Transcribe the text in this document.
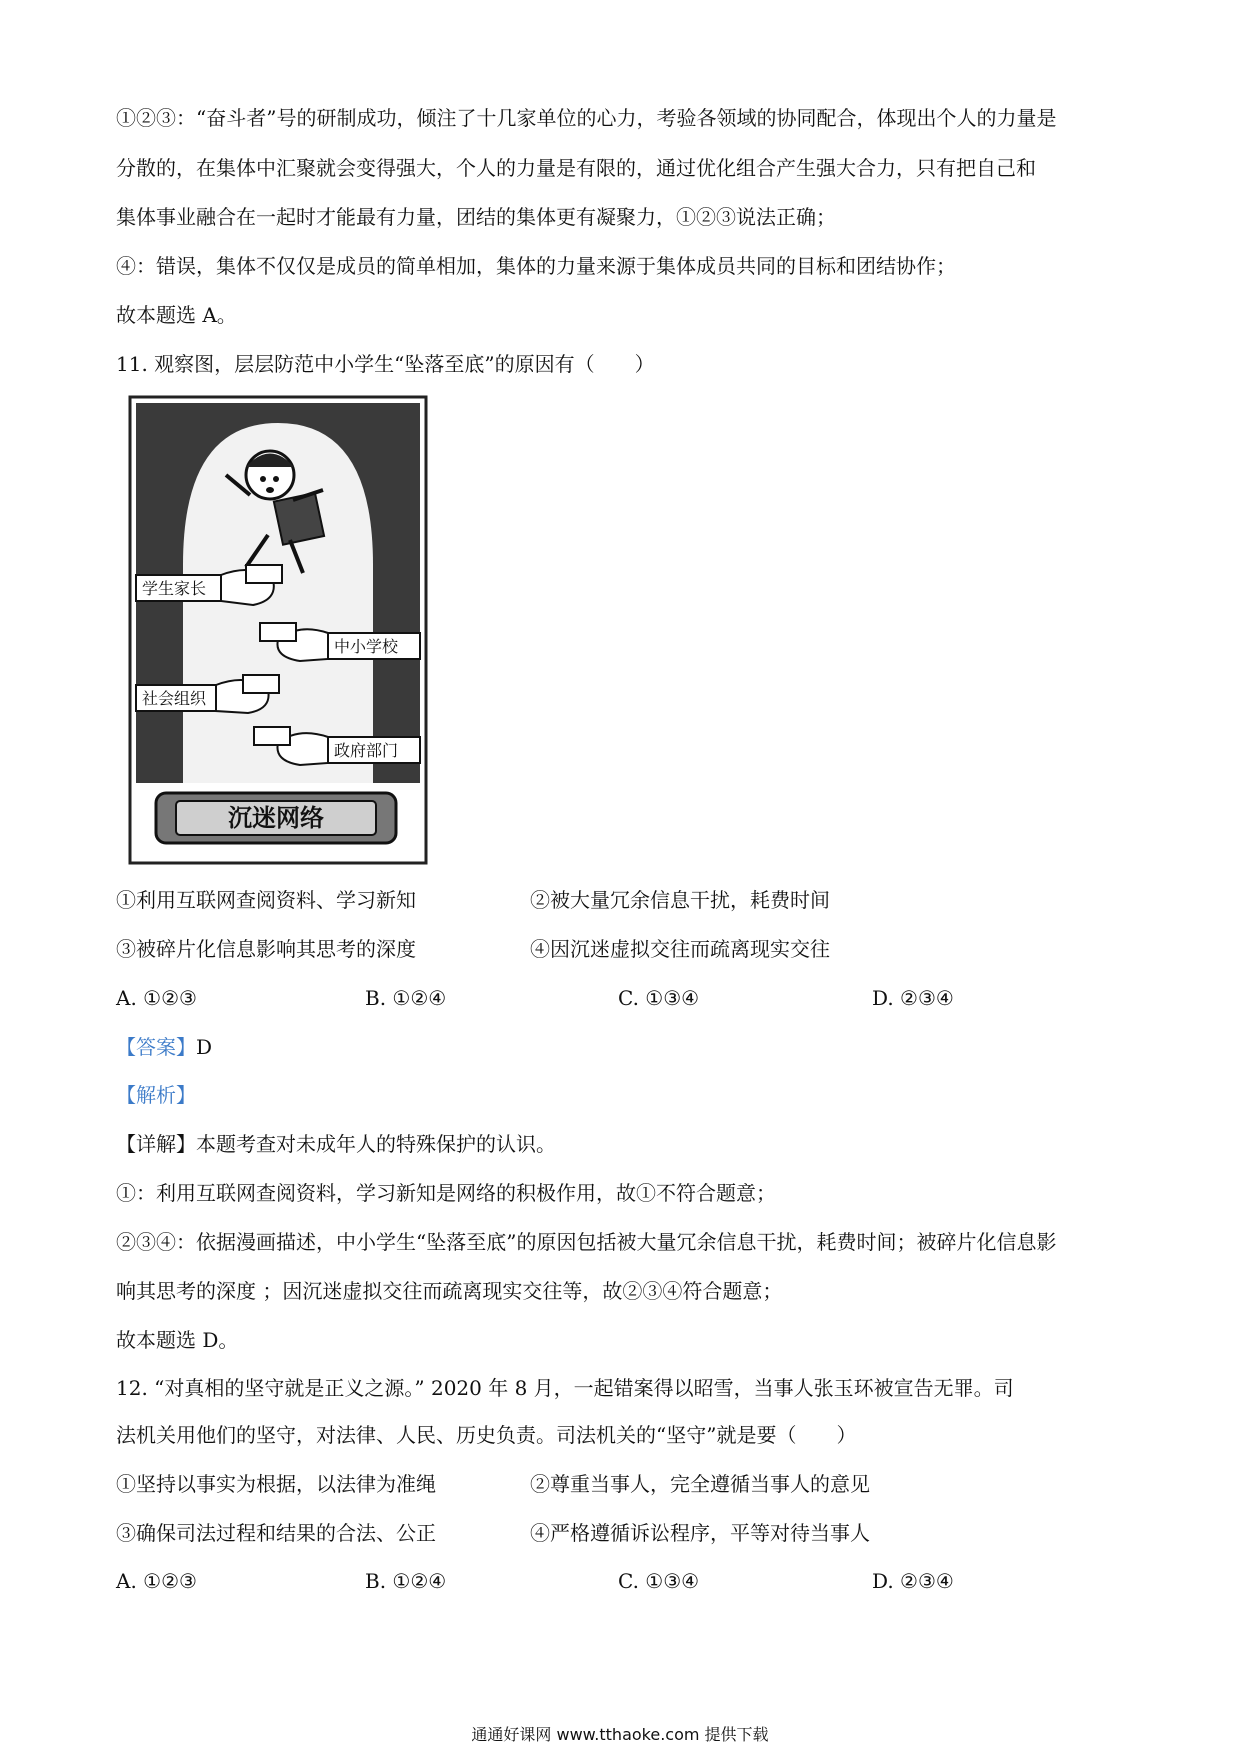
①②③：“奋斗者”号的研制成功，倾注了十几家单位的心力，考验各领域的协同配合，体现出个人的力量是
分散的，在集体中汇聚就会变得强大，个人的力量是有限的，通过优化组合产生强大合力，只有把自己和
集体事业融合在一起时才能最有力量，团结的集体更有凝聚力，①②③说法正确；
④：错误，集体不仅仅是成员的简单相加，集体的力量来源于集体成员共同的目标和团结协作；
故本题选 A。
11. 观察图，层层防范中小学生“坠落至底”的原因有（　　）
学生家长
中小学校
社会组织
政府部门
沉迷网络
①利用互联网查阅资料、学习新知	②被大量冗余信息干扰，耗费时间
③被碎片化信息影响其思考的深度	④因沉迷虚拟交往而疏离现实交往
A. ①②③	B. ①②④	C. ①③④	D. ②③④
【答案】D
【解析】
【详解】本题考查对未成年人的特殊保护的认识。
①：利用互联网查阅资料，学习新知是网络的积极作用，故①不符合题意；
②③④：依据漫画描述，中小学生“坠落至底”的原因包括被大量冗余信息干扰，耗费时间；被碎片化信息影
响其思考的深度 ；因沉迷虚拟交往而疏离现实交往等，故②③④符合题意；
故本题选 D。
12. “对真相的坚守就是正义之源。” 2020 年 8 月，一起错案得以昭雪，当事人张玉环被宣告无罪。司
法机关用他们的坚守，对法律、人民、历史负责。司法机关的“坚守”就是要（　　）
①坚持以事实为根据，以法律为准绳	②尊重当事人，完全遵循当事人的意见
③确保司法过程和结果的合法、公正	④严格遵循诉讼程序，平等对待当事人
A. ①②③	B. ①②④	C. ①③④	D. ②③④
通通好课网 www.tthaoke.com 提供下载
